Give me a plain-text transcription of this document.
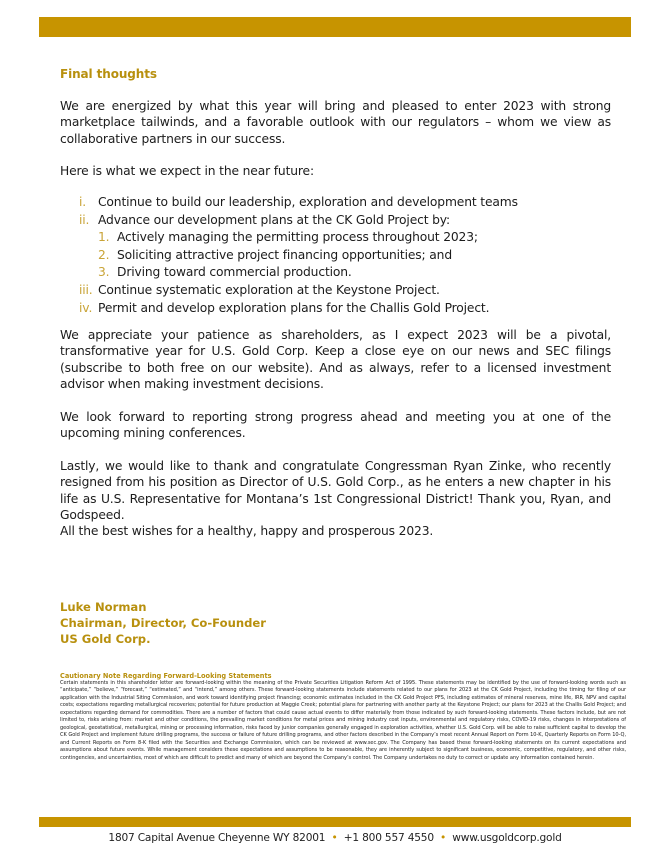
Final thoughts

We are energized by what this year will bring and pleased to enter 2023 with strong marketplace tailwinds, and a favorable outlook with our regulators – whom we view as collaborative partners in our success.

Here is what we expect in the near future:

i. Continue to build our leadership, exploration and development teams
ii. Advance our development plans at the CK Gold Project by:
1. Actively managing the permitting process throughout 2023;
2. Soliciting attractive project financing opportunities; and
3. Driving toward commercial production.
iii. Continue systematic exploration at the Keystone Project.
iv. Permit and develop exploration plans for the Challis Gold Project.

We appreciate your patience as shareholders, as I expect 2023 will be a pivotal, transformative year for U.S. Gold Corp. Keep a close eye on our news and SEC filings (subscribe to both free on our website). And as always, refer to a licensed investment advisor when making investment decisions.

We look forward to reporting strong progress ahead and meeting you at one of the upcoming mining conferences.

Lastly, we would like to thank and congratulate Congressman Ryan Zinke, who recently resigned from his position as Director of U.S. Gold Corp., as he enters a new chapter in his life as U.S. Representative for Montana’s 1st Congressional District! Thank you, Ryan, and Godspeed.

All the best wishes for a healthy, happy and prosperous 2023.

Luke Norman
Chairman, Director, Co-Founder
US Gold Corp.
Cautionary Note Regarding Forward-Looking Statements
Certain statements in this shareholder letter are forward-looking within the meaning of the Private Securities Litigation Reform Act of 1995. These statements may be identified by the use of forward-looking words such as “anticipate,” “believe,” “forecast,” “estimated,” and “intend,” among others. These forward-looking statements include statements related to our plans for 2023 at the CK Gold Project, including the timing for filing of our application with the Industrial Siting Commission, and work toward identifying project financing; economic estimates included in the CK Gold Project PFS, including estimates of mineral reserves, mine life, IRR, NPV and capital costs; expectations regarding metallurgical recoveries; potential for future production at Maggie Creek; potential plans for partnering with another party at the Keystone Project; our plans for 2023 at the Challis Gold Project; and expectations regarding demand for commodities. There are a number of factors that could cause actual events to differ materially from those indicated by such forward-looking statements. These factors include, but are not limited to, risks arising from: market and other conditions, the prevailing market conditions for metal prices and mining industry cost inputs, environmental and regulatory risks, COVID-19 risks, changes in interpretations of geological, geostatistical, metallurgical, mining or processing information, risks faced by junior companies generally engaged in exploration activities, whether U.S. Gold Corp. will be able to raise sufficient capital to develop the CK Gold Project and implement future drilling programs, the success or failure of future drilling programs, and other factors described in the Company’s most recent Annual Report on Form 10-K, Quarterly Reports on Form 10-Q, and Current Reports on Form 8-K filed with the Securities and Exchange Commission, which can be reviewed at www.sec.gov. The Company has based these forward-looking statements on its current expectations and assumptions about future events. While management considers these expectations and assumptions to be reasonable, they are inherently subject to significant business, economic, competitive, regulatory, and other risks, contingencies, and uncertainties, most of which are difficult to predict and many of which are beyond the Company’s control. The Company undertakes no duty to correct or update any information contained herein.
1807 Capital Avenue Cheyenne WY 82001 • +1 800 557 4550 • www.usgoldcorp.gold
